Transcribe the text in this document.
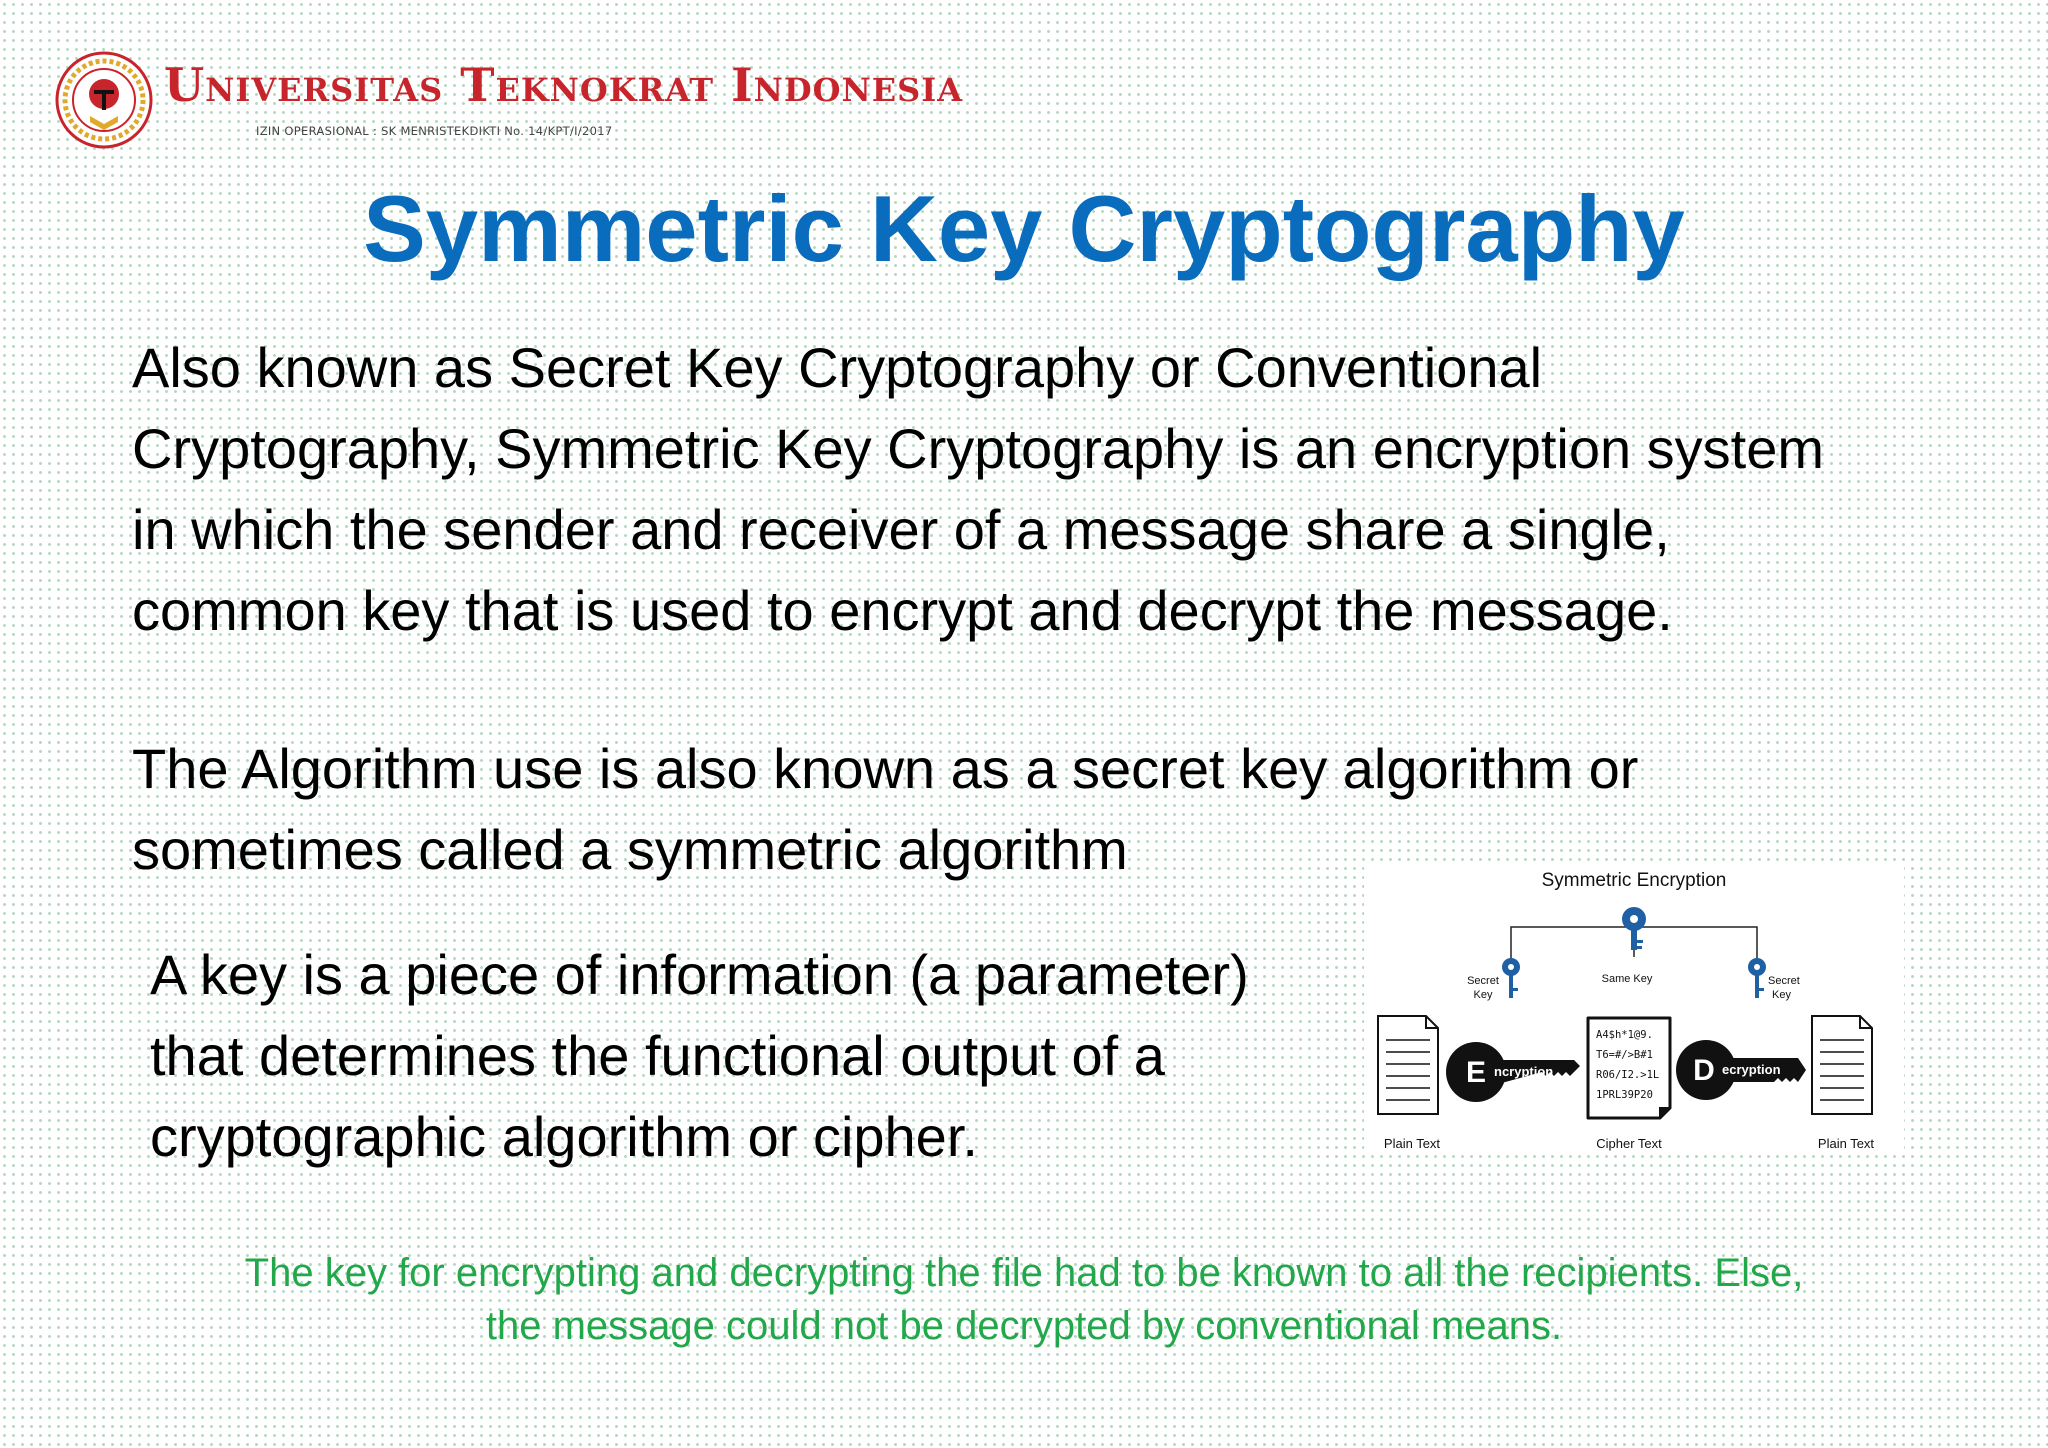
Universitas Teknokrat Indonesia
IZIN OPERASIONAL : SK MENRISTEKDIKTI No. 14/KPT/I/2017
Symmetric Key Cryptography
Also known as Secret Key Cryptography or Conventional
Cryptography, Symmetric Key Cryptography is an encryption system
in which the sender and receiver of a message share a single,
common key that is used to encrypt and decrypt the message.
The Algorithm use is also known as a secret key algorithm or
sometimes called a symmetric algorithm
A key is a piece of information (a parameter)
that determines the functional output of a
cryptographic algorithm or cipher.
Symmetric Encryption
Same Key
Secret
Key
Secret
Key
E ncryption
A4$h*1@9.
T6=#/>B#1
R06/I2.>1L
1PRL39P20
D ecryption
Plain Text	Cipher Text	Plain Text
The key for encrypting and decrypting the file had to be known to all the recipients. Else,
the message could not be decrypted by conventional means.
